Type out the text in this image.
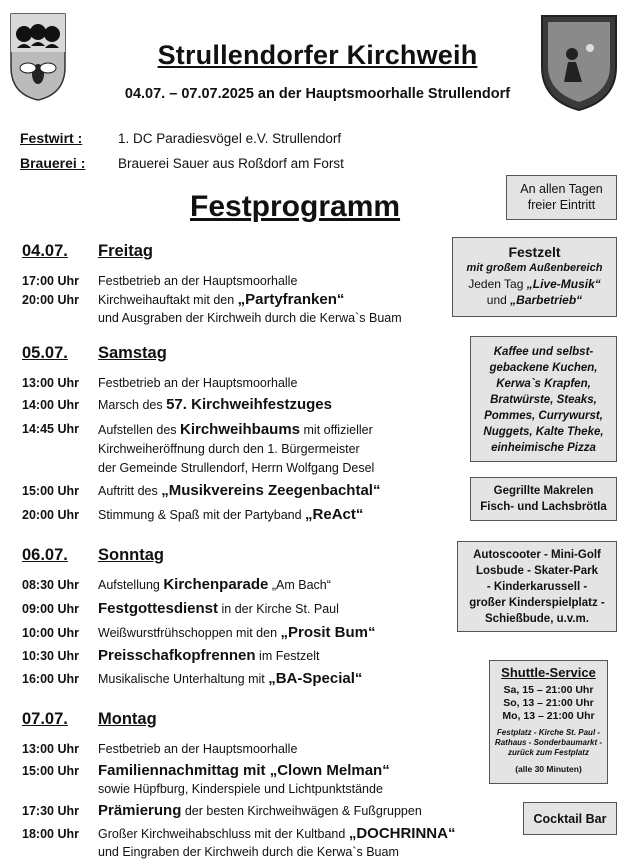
Strullendorfer Kirchweih
04.07. – 07.07.2025 an der Hauptsmoorhalle Strullendorf
Festwirt :	1. DC Paradiesvögel e.V. Strullendorf
Brauerei : Brauerei Sauer aus Roßdorf am Forst
Festprogramm
An allen Tagen
freier Eintritt
Festzelt
mit großem Außenbereich
Jeden Tag „Live-Musik“
und „Barbetrieb“
Kaffee und selbst-
gebackene Kuchen,
Kerwa`s Krapfen,
Bratwürste, Steaks,
Pommes, Currywurst,
Nuggets, Kalte Theke,
einheimische Pizza
Gegrillte Makrelen
Fisch- und Lachsbrötla
Autoscooter - Mini-Golf
Losbude - Skater-Park
- Kinderkarussell -
großer Kinderspielplatz -
Schießbude, u.v.m.
Shuttle-Service
Sa, 15 – 21:00 Uhr
So, 13 – 21:00 Uhr
Mo, 13 – 21:00 Uhr
Festplatz - Kirche St. Paul -
Rathaus - Sonderbaumarkt -
zurück zum Festplatz
(alle 30 Minuten)
Cocktail Bar
04.07. Freitag
17:00 Uhr	Festbetrieb an der Hauptsmoorhalle
20:00 Uhr	Kirchweihauftakt mit den „Partyfranken“
und Ausgraben der Kirchweih durch die Kerwa`s Buam
05.07. Samstag
13:00 Uhr	Festbetrieb an der Hauptsmoorhalle
14:00 Uhr	Marsch des 57. Kirchweihfestzuges
14:45 Uhr	Aufstellen des Kirchweihbaums mit offizieller
Kirchweiheröffnung durch den 1. Bürgermeister
der Gemeinde Strullendorf, Herrn Wolfgang Desel
15:00 Uhr	Auftritt des „Musikvereins Zeegenbachtal“
20:00 Uhr	Stimmung & Spaß mit der Partyband „ReAct“
06.07. Sonntag
08:30 Uhr	Aufstellung Kirchenparade „Am Bach“
09:00 Uhr	Festgottesdienst in der Kirche St. Paul
10:00 Uhr	Weißwurstfrühschoppen mit den „Prosit Bum“
10:30 Uhr	Preisschafkopfrennen im Festzelt
16:00 Uhr	Musikalische Unterhaltung mit „BA-Special“
07.07. Montag
13:00 Uhr	Festbetrieb an der Hauptsmoorhalle
15:00 Uhr	Familiennachmittag mit „Clown Melman“
sowie Hüpfburg, Kinderspiele und Lichtpunktstände
17:30 Uhr	Prämierung der besten Kirchweihwägen & Fußgruppen
18:00 Uhr	Großer Kirchweihabschluss mit der Kultband „DOCHRINNA“
und Eingraben der Kirchweih durch die Kerwa`s Buam
